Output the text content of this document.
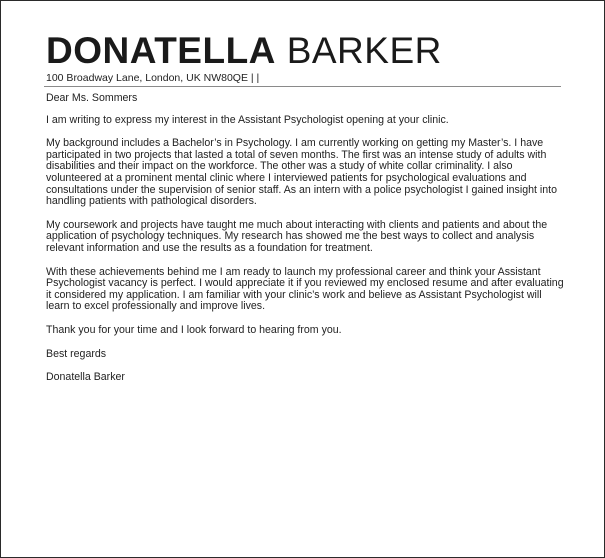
DONATELLA BARKER
100 Broadway Lane, London, UK NW80QE | |

Dear Ms. Sommers

I am writing to express my interest in the Assistant Psychologist opening at your clinic.

My background includes a Bachelor’s in Psychology. I am currently working on getting my Master’s. I have participated in two projects that lasted a total of seven months. The first was an intense study of adults with disabilities and their impact on the workforce. The other was a study of white collar criminality. I also volunteered at a prominent mental clinic where I interviewed patients for psychological evaluations and consultations under the supervision of senior staff. As an intern with a police psychologist I gained insight into handling patients with pathological disorders.

My coursework and projects have taught me much about interacting with clients and patients and about the application of psychology techniques. My research has showed me the best ways to collect and analysis relevant information and use the results as a foundation for treatment.

With these achievements behind me I am ready to launch my professional career and think your Assistant Psychologist vacancy is perfect. I would appreciate it if you reviewed my enclosed resume and after evaluating it considered my application. I am familiar with your clinic’s work and believe as Assistant Psychologist will learn to excel professionally and improve lives.

Thank you for your time and I look forward to hearing from you.

Best regards

Donatella Barker
